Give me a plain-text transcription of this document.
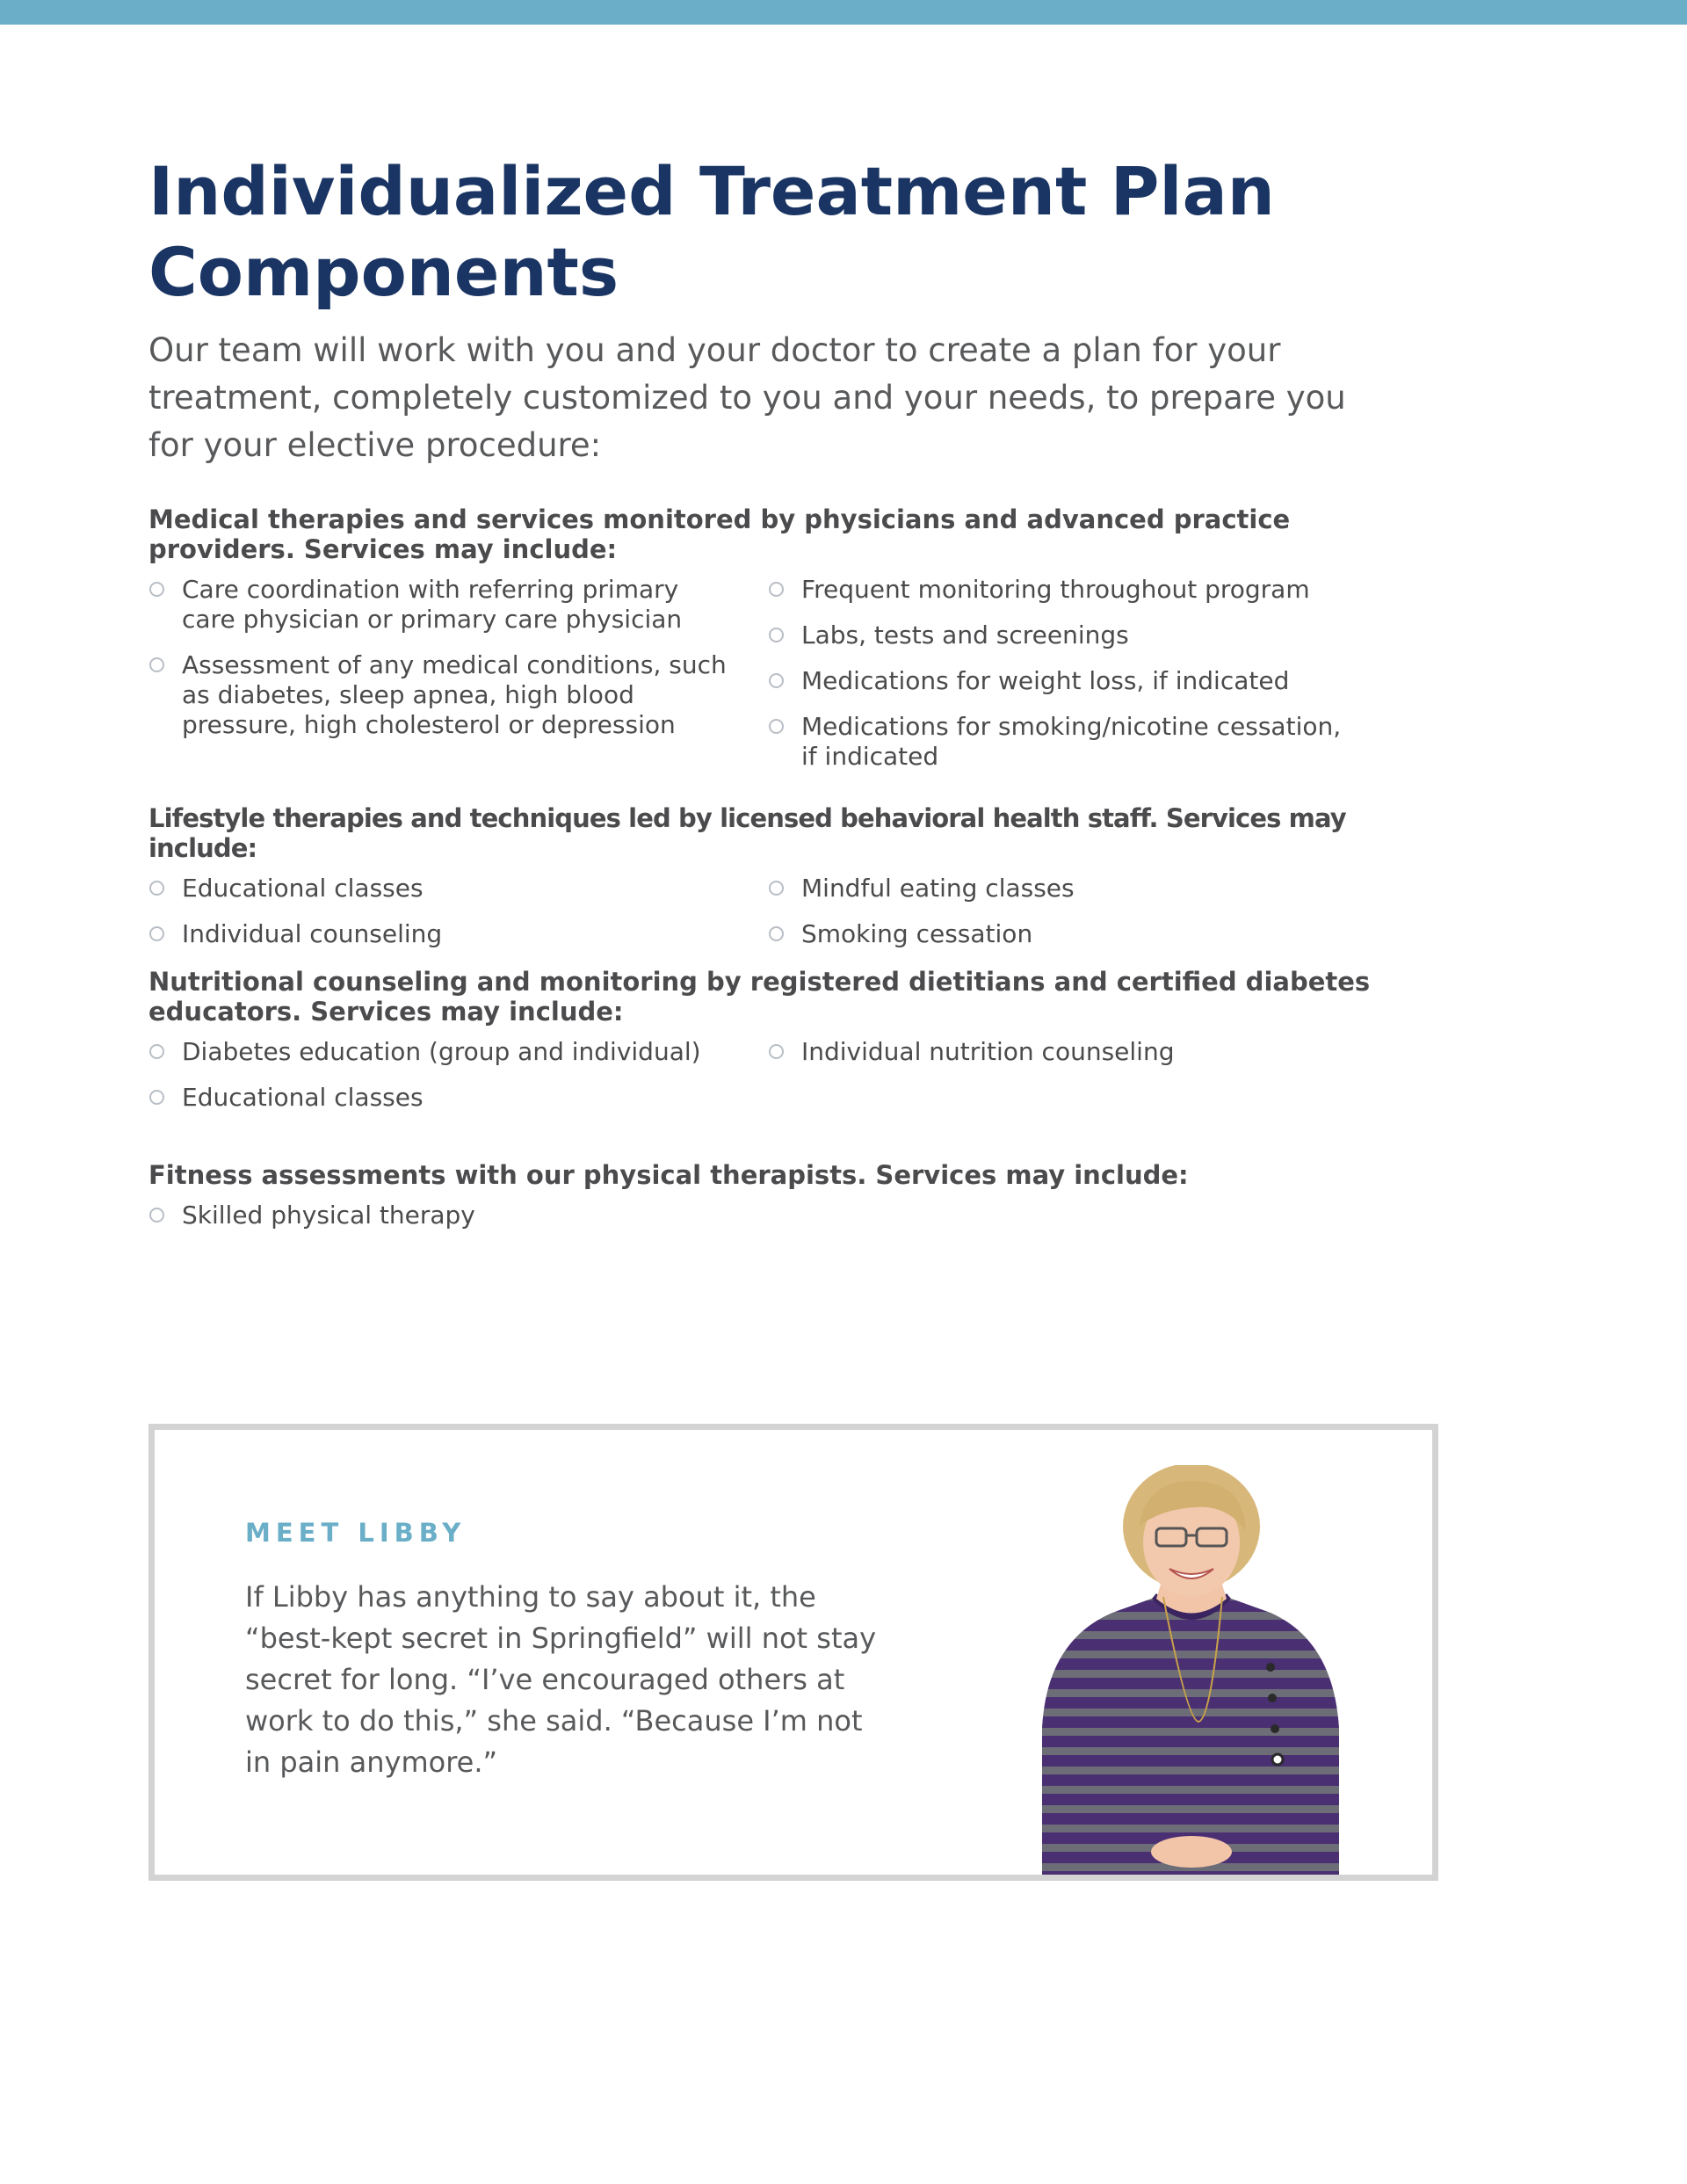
Individualized Treatment Plan Components

Our team will work with you and your doctor to create a plan for your treatment, completely customized to you and your needs, to prepare you for your elective procedure:

Medical therapies and services monitored by physicians and advanced practice providers. Services may include:

Care coordination with referring primary care physician or primary care physician
Assessment of any medical conditions, such as diabetes, sleep apnea, high blood pressure, high cholesterol or depression
Frequent monitoring throughout program
Labs, tests and screenings
Medications for weight loss, if indicated
Medications for smoking/nicotine cessation, if indicated

Lifestyle therapies and techniques led by licensed behavioral health staff. Services may include:

Educational classes
Individual counseling
Mindful eating classes
Smoking cessation

Nutritional counseling and monitoring by registered dietitians and certified diabetes educators. Services may include:

Diabetes education (group and individual)
Educational classes
Individual nutrition counseling

Fitness assessments with our physical therapists. Services may include:

Skilled physical therapy

MEET LIBBY

If Libby has anything to say about it, the “best-kept secret in Springfield” will not stay secret for long. “I’ve encouraged others at work to do this,” she said. “Because I’m not in pain anymore.”
